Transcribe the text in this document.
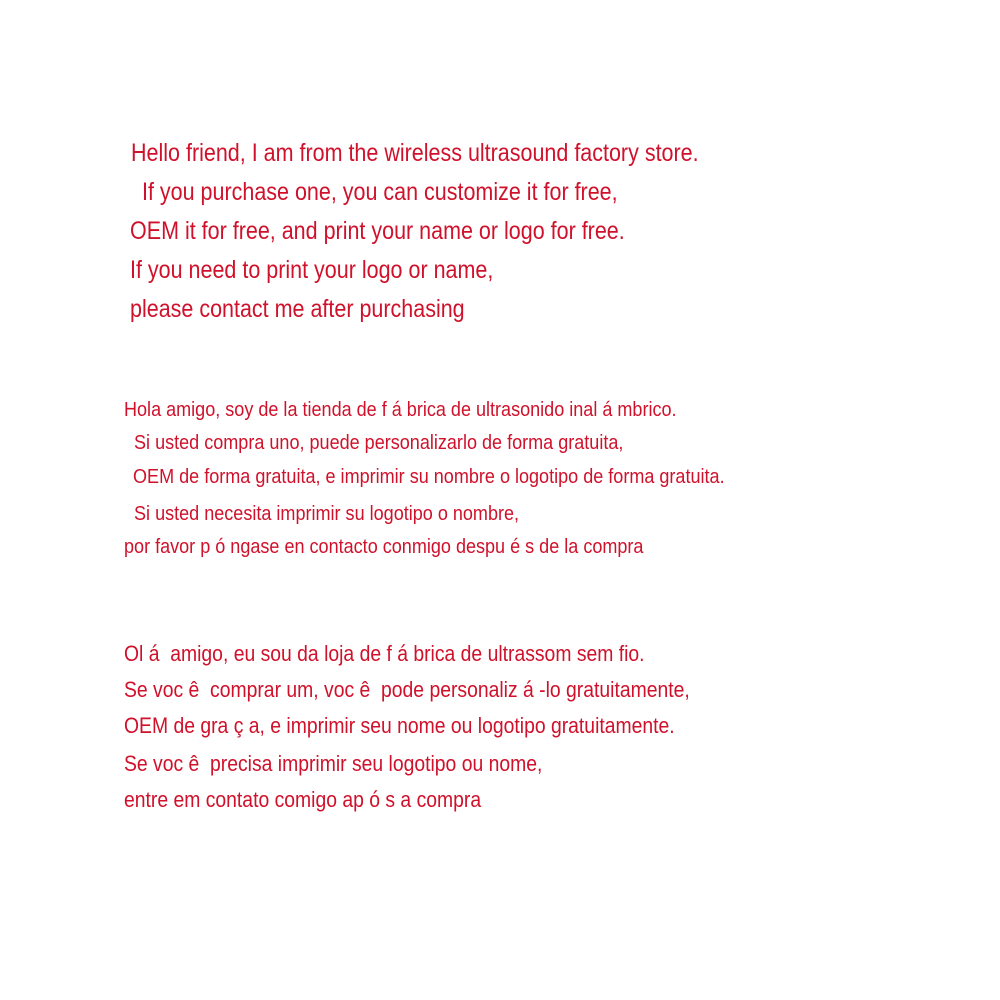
Hello friend, I am from the wireless ultrasound factory store.
If you purchase one, you can customize it for free,
OEM it for free, and print your name or logo for free.
If you need to print your logo or name,
please contact me after purchasing
Hola amigo, soy de la tienda de f á brica de ultrasonido inal á mbrico.
Si usted compra uno, puede personalizarlo de forma gratuita,
OEM de forma gratuita, e imprimir su nombre o logotipo de forma gratuita.
Si usted necesita imprimir su logotipo o nombre,
por favor p ó ngase en contacto conmigo despu é s de la compra
Ol á  amigo, eu sou da loja de f á brica de ultrassom sem fio.
Se voc ê  comprar um, voc ê  pode personaliz á -lo gratuitamente,
OEM de gra ç a, e imprimir seu nome ou logotipo gratuitamente.
Se voc ê  precisa imprimir seu logotipo ou nome,
entre em contato comigo ap ó s a compra
